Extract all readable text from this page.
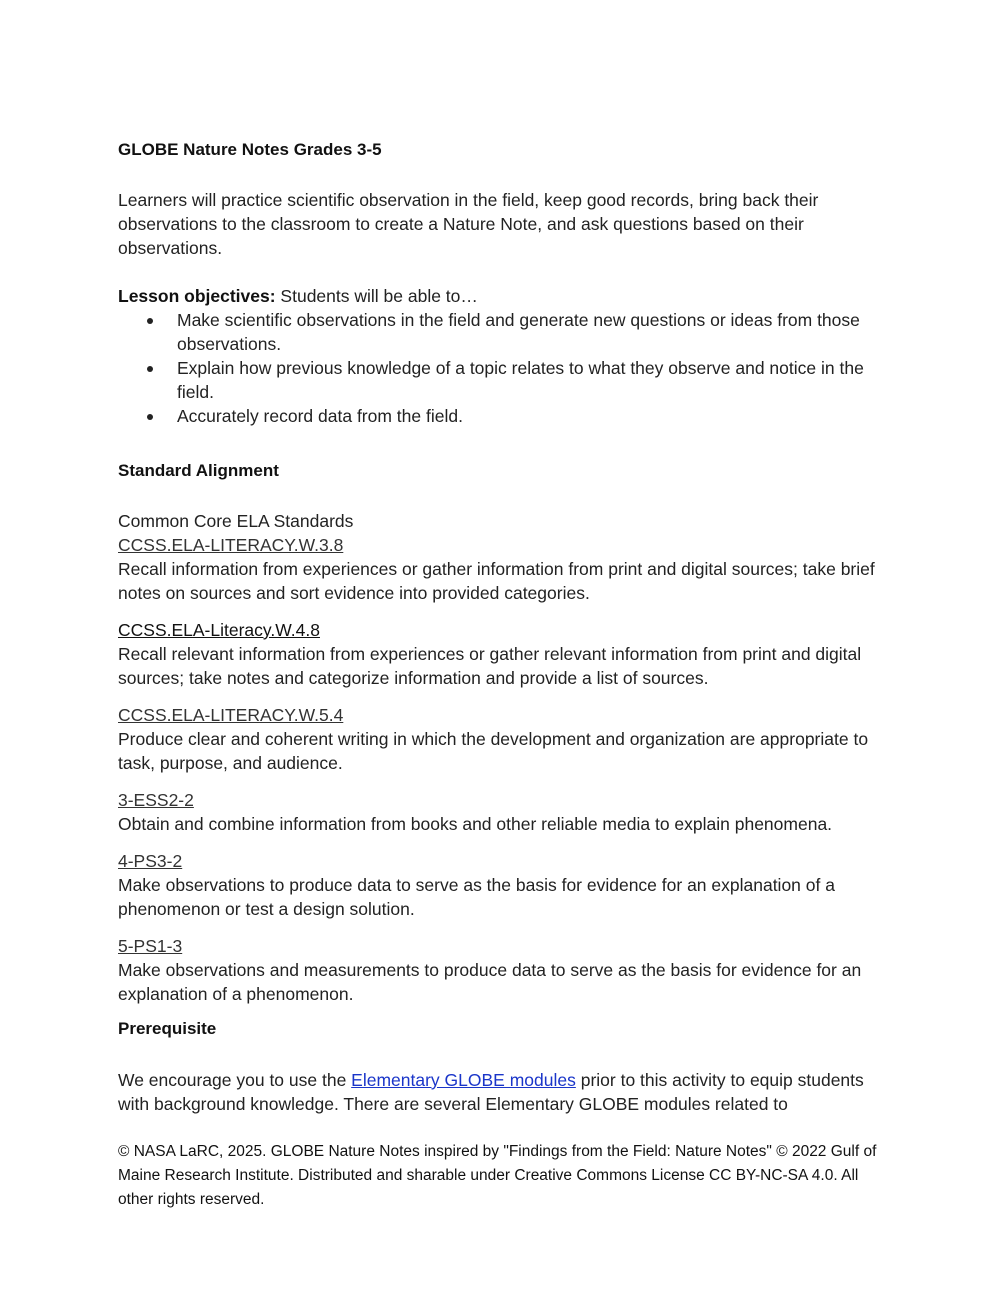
GLOBE Nature Notes Grades 3-5
Learners will practice scientific observation in the field, keep good records, bring back their observations to the classroom to create a Nature Note, and ask questions based on their observations.
Lesson objectives: Students will be able to…
Make scientific observations in the field and generate new questions or ideas from those observations.
Explain how previous knowledge of a topic relates to what they observe and notice in the field.
Accurately record data from the field.
Standard Alignment
Common Core ELA Standards
CCSS.ELA-LITERACY.W.3.8
Recall information from experiences or gather information from print and digital sources; take brief notes on sources and sort evidence into provided categories.
CCSS.ELA-Literacy.W.4.8
Recall relevant information from experiences or gather relevant information from print and digital sources; take notes and categorize information and provide a list of sources.
CCSS.ELA-LITERACY.W.5.4
Produce clear and coherent writing in which the development and organization are appropriate to task, purpose, and audience.
3-ESS2-2
Obtain and combine information from books and other reliable media to explain phenomena.
4-PS3-2
Make observations to produce data to serve as the basis for evidence for an explanation of a phenomenon or test a design solution.
5-PS1-3
Make observations and measurements to produce data to serve as the basis for evidence for an explanation of a phenomenon.
Prerequisite
We encourage you to use the Elementary GLOBE modules prior to this activity to equip students with background knowledge. There are several Elementary GLOBE modules related to
© NASA LaRC, 2025. GLOBE Nature Notes inspired by "Findings from the Field: Nature Notes" © 2022 Gulf of Maine Research Institute. Distributed and sharable under Creative Commons License CC BY-NC-SA 4.0. All other rights reserved.
